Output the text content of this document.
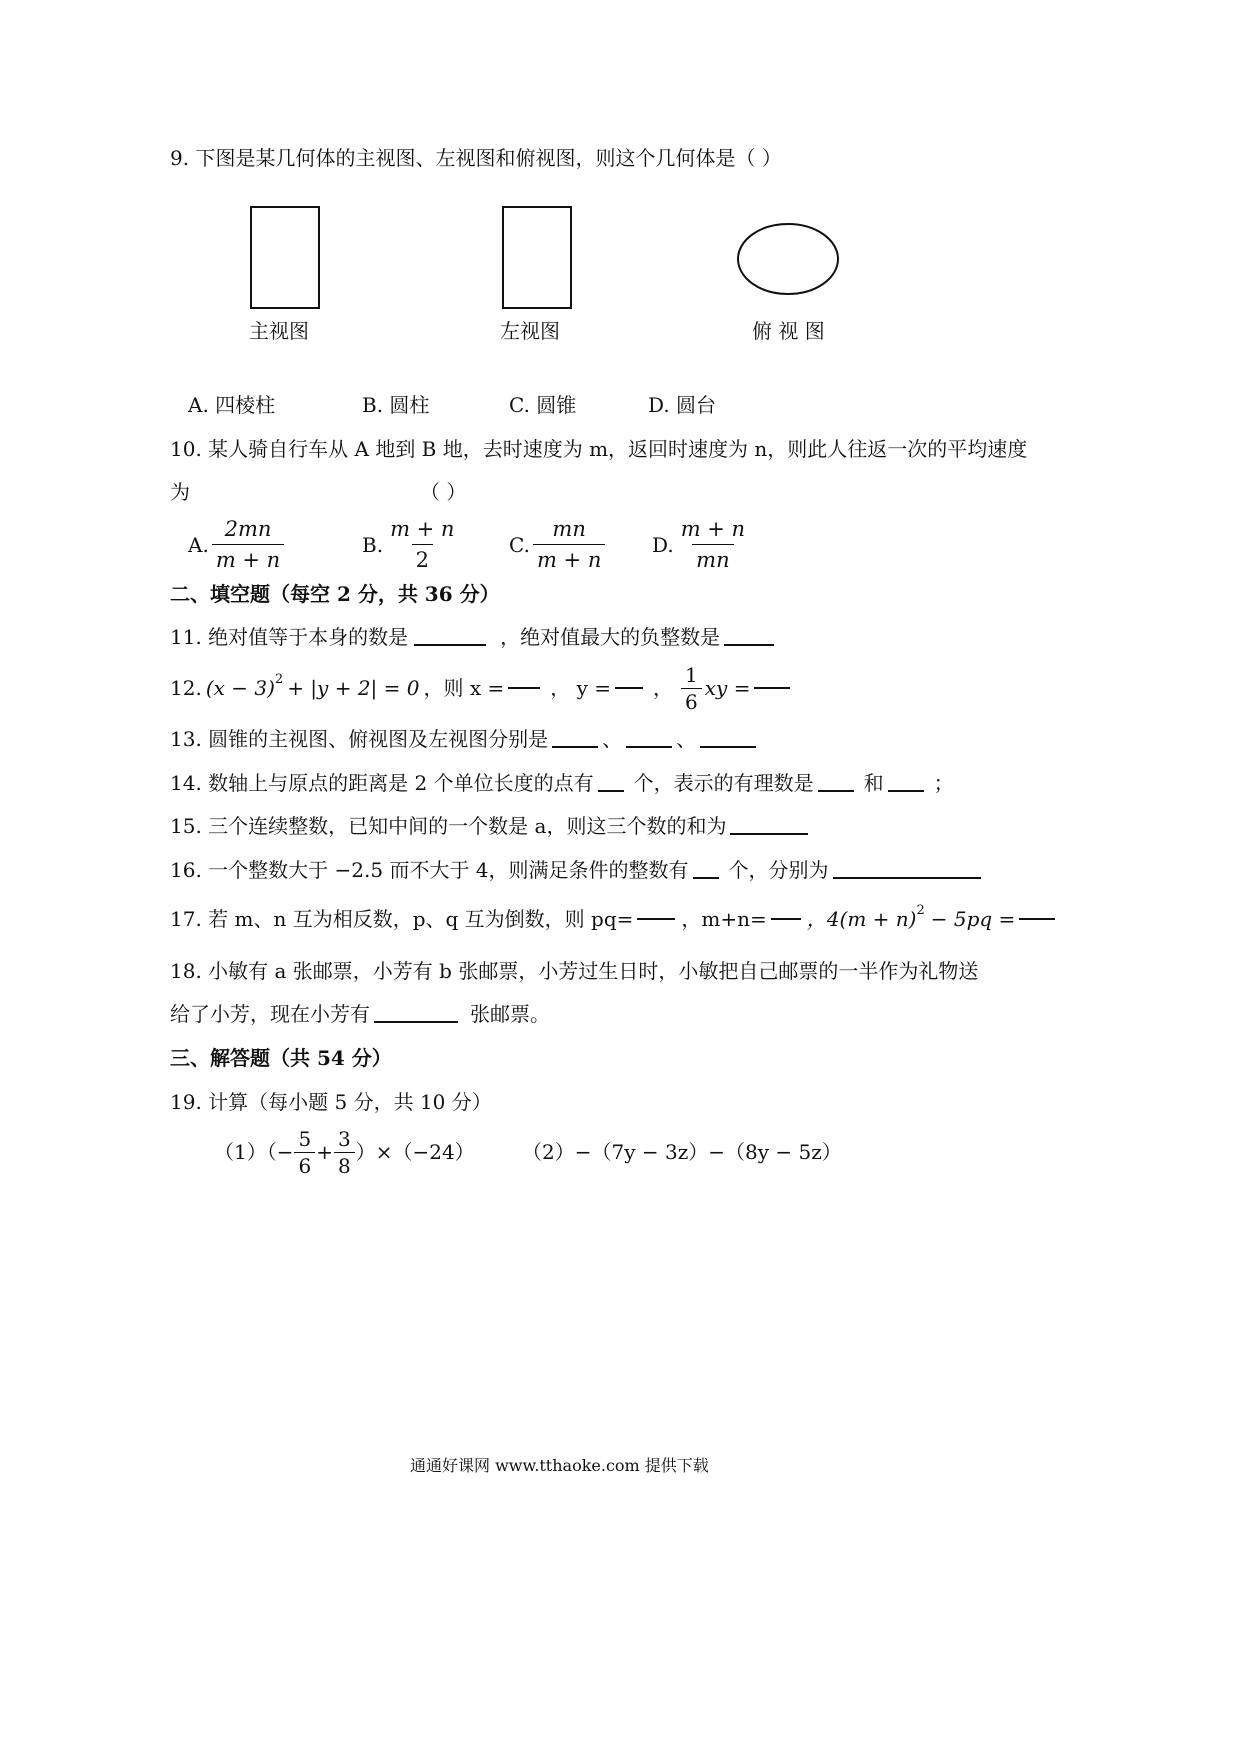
9. 下图是某几何体的主视图、左视图和俯视图，则这个几何体是（ ）
主视图	左视图	俯 视 图
A. 四棱柱	B. 圆柱	C. 圆锥	D. 圆台
10. 某人骑自行车从 A 地到 B 地，去时速度为 m，返回时速度为 n，则此人往返一次的平均速度
为	（ ）
A. $\frac{2mn}{m + n}$	B. $\frac{m + n}{2}$	C. $\frac{mn}{m + n} D$. $\frac{m + n}{mn}$
二、填空题（每空 2 分，共 36 分）
11. 绝对值等于本身的数是	，绝对值最大的负整数是
12. $(x - 3)^2 + |y + 2| = 0$ ，则 x = ， y = ， $\frac{1}{6}$ xy =
13. 圆锥的主视图、俯视图及左视图分别是	、	、
14. 数轴上与原点的距离是 2 个单位长度的点有 个，表示的有理数是	和	；
15. 三个连续整数，已知中间的一个数是 a，则这三个数的和为
16. 一个整数大于 −2.5 而不大于 4，则满足条件的整数有 个，分别为
17. 若 m、n 互为相反数，p、q 互为倒数，则 pq= ，m+n= ，$4(m + n)^2 - 5pq$ =
18. 小敏有 a 张邮票，小芳有 b 张邮票，小芳过生日时，小敏把自己邮票的一半作为礼物送
给了小芳，现在小芳有	张邮票。
三、解答题（共 54 分）
19. 计算（每小题 5 分，共 10 分）
$(1)(- \frac{5}{6} + \frac{3}{8} )\times(-24)$ （2）−（7y − 3z）−（8y − 5z）
通通好课网 www.tthaoke.com 提供下载
